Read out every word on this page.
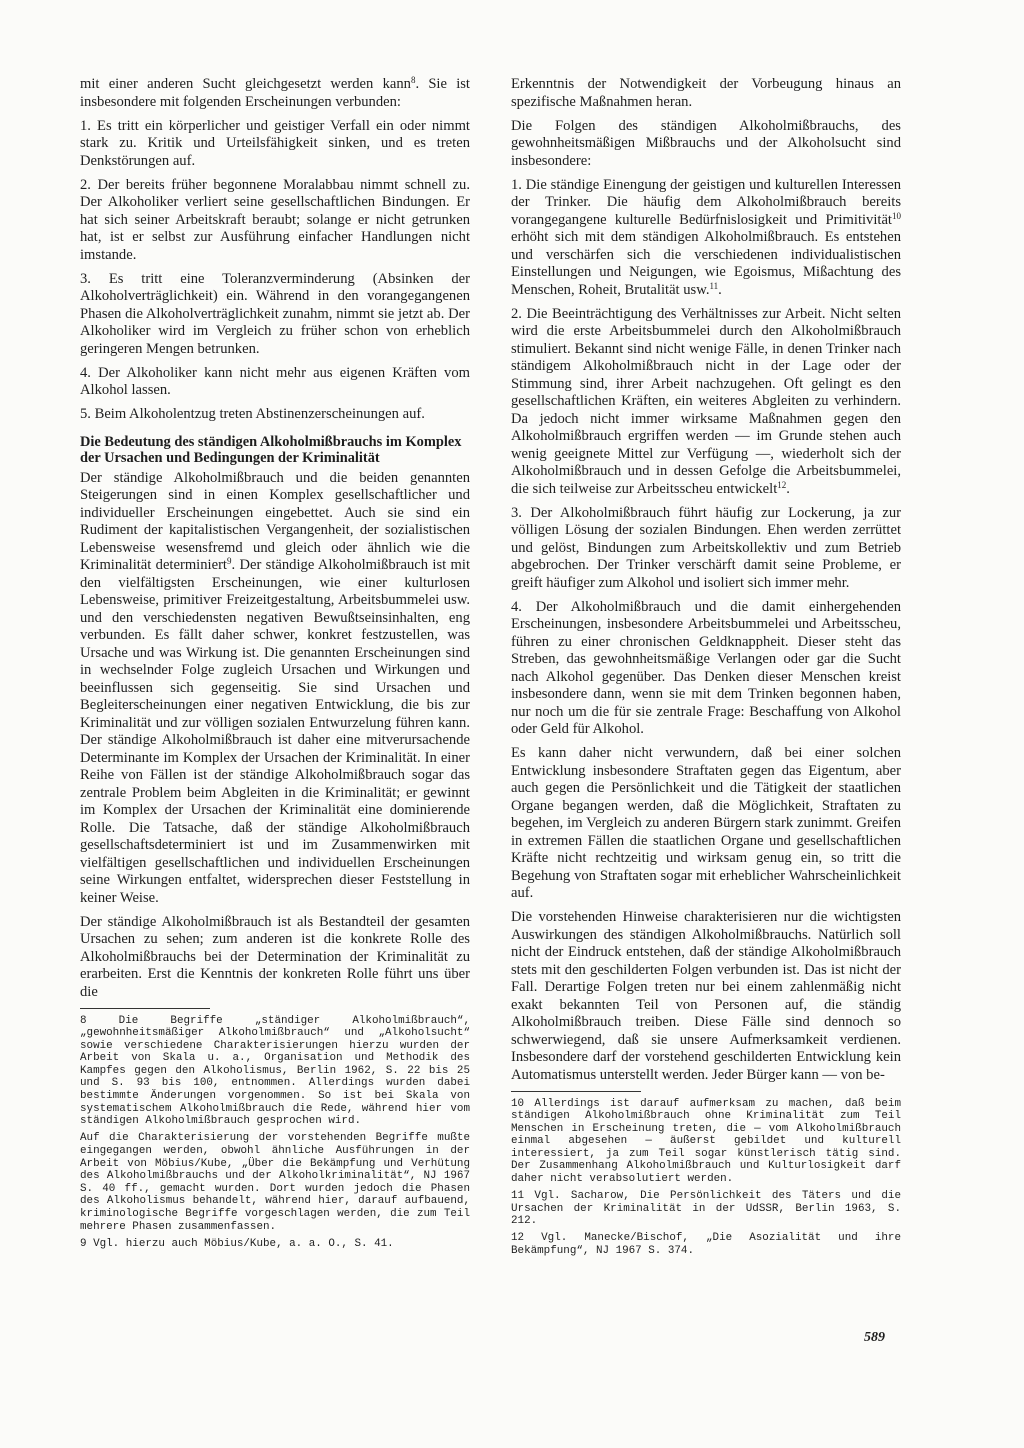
mit einer anderen Sucht gleichgesetzt werden kann$^8$. Sie ist insbesondere mit folgenden Erscheinungen verbunden:

1. Es tritt ein körperlicher und geistiger Verfall ein oder nimmt stark zu. Kritik und Urteilsfähigkeit sinken, und es treten Denkstörungen auf.

2. Der bereits früher begonnene Moralabbau nimmt schnell zu. Der Alkoholiker verliert seine gesellschaftlichen Bindungen. Er hat sich seiner Arbeitskraft beraubt; solange er nicht getrunken hat, ist er selbst zur Ausführung einfacher Handlungen nicht imstande.

3. Es tritt eine Toleranzverminderung (Absinken der Alkoholverträglichkeit) ein. Während in den vorangegangenen Phasen die Alkoholverträglichkeit zunahm, nimmt sie jetzt ab. Der Alkoholiker wird im Vergleich zu früher schon von erheblich geringeren Mengen betrunken.

4. Der Alkoholiker kann nicht mehr aus eigenen Kräften vom Alkohol lassen.

5. Beim Alkoholentzug treten Abstinenzerscheinungen auf.

Die Bedeutung des ständigen Alkoholmißbrauchs im Komplex der Ursachen und Bedingungen der Kriminalität

Der ständige Alkoholmißbrauch und die beiden genannten Steigerungen sind in einen Komplex gesellschaftlicher und individueller Erscheinungen eingebettet. Auch sie sind ein Rudiment der kapitalistischen Vergangenheit, der sozialistischen Lebensweise wesensfremd und gleich oder ähnlich wie die Kriminalität determiniert$^9$. Der ständige Alkoholmißbrauch ist mit den vielfältigsten Erscheinungen, wie einer kulturlosen Lebensweise, primitiver Freizeitgestaltung, Arbeitsbummelei usw. und den verschiedensten negativen Bewußtseinsinhalten, eng verbunden. Es fällt daher schwer, konkret festzustellen, was Ursache und was Wirkung ist. Die genannten Erscheinungen sind in wechselnder Folge zugleich Ursachen und Wirkungen und beeinflussen sich gegenseitig. Sie sind Ursachen und Begleiterscheinungen einer negativen Entwicklung, die bis zur Kriminalität und zur völligen sozialen Entwurzelung führen kann. Der ständige Alkoholmißbrauch ist daher eine mitverursachende Determinante im Komplex der Ursachen der Kriminalität. In einer Reihe von Fällen ist der ständige Alkoholmißbrauch sogar das zentrale Problem beim Abgleiten in die Kriminalität; er gewinnt im Komplex der Ursachen der Kriminalität eine dominierende Rolle. Die Tatsache, daß der ständige Alkoholmißbrauch gesellschaftsdeterminiert ist und im Zusammenwirken mit vielfältigen gesellschaftlichen und individuellen Erscheinungen seine Wirkungen entfaltet, widersprechen dieser Feststellung in keiner Weise.

Der ständige Alkoholmißbrauch ist als Bestandteil der gesamten Ursachen zu sehen; zum anderen ist die konkrete Rolle des Alkoholmißbrauchs bei der Determination der Kriminalität zu erarbeiten. Erst die Kenntnis der konkreten Rolle führt uns über die

8 Die Begriffe „ständiger Alkoholmißbrauch“, „gewohnheitsmäßiger Alkoholmißbrauch“ und „Alkoholsucht“ sowie verschiedene Charakterisierungen hierzu wurden der Arbeit von Skala u. a., Organisation und Methodik des Kampfes gegen den Alkoholismus, Berlin 1962, S. 22 bis 25 und S. 93 bis 100, entnommen. Allerdings wurden dabei bestimmte Änderungen vorgenommen. So ist bei Skala von systematischem Alkoholmißbrauch die Rede, während hier vom ständigen Alkoholmißbrauch gesprochen wird.

Auf die Charakterisierung der vorstehenden Begriffe mußte eingegangen werden, obwohl ähnliche Ausführungen in der Arbeit von Möbius/Kube, „Über die Bekämpfung und Verhütung des Alkoholmißbrauchs und der Alkoholkriminalität“, NJ 1967 S. 40 ff., gemacht wurden. Dort wurden jedoch die Phasen des Alkoholismus behandelt, während hier, darauf aufbauend, kriminologische Begriffe vorgeschlagen werden, die zum Teil mehrere Phasen zusammenfassen.

9 Vgl. hierzu auch Möbius/Kube, a. a. O., S. 41.

Erkenntnis der Notwendigkeit der Vorbeugung hinaus an spezifische Maßnahmen heran.

Die Folgen des ständigen Alkoholmißbrauchs, des gewohnheitsmäßigen Mißbrauchs und der Alkoholsucht sind insbesondere:

1. Die ständige Einengung der geistigen und kulturellen Interessen der Trinker. Die häufig dem Alkoholmißbrauch bereits vorangegangene kulturelle Bedürfnislosigkeit und Primitivität$^{10}$ erhöht sich mit dem ständigen Alkoholmißbrauch. Es entstehen und verschärfen sich die verschiedenen individualistischen Einstellungen und Neigungen, wie Egoismus, Mißachtung des Menschen, Roheit, Brutalität usw.$^{11}$.

2. Die Beeinträchtigung des Verhältnisses zur Arbeit. Nicht selten wird die erste Arbeitsbummelei durch den Alkoholmißbrauch stimuliert. Bekannt sind nicht wenige Fälle, in denen Trinker nach ständigem Alkoholmißbrauch nicht in der Lage oder der Stimmung sind, ihrer Arbeit nachzugehen. Oft gelingt es den gesellschaftlichen Kräften, ein weiteres Abgleiten zu verhindern. Da jedoch nicht immer wirksame Maßnahmen gegen den Alkoholmißbrauch ergriffen werden — im Grunde stehen auch wenig geeignete Mittel zur Verfügung —, wiederholt sich der Alkoholmißbrauch und in dessen Gefolge die Arbeitsbummelei, die sich teilweise zur Arbeitsscheu entwickelt$^{12}$.

3. Der Alkoholmißbrauch führt häufig zur Lockerung, ja zur völligen Lösung der sozialen Bindungen. Ehen werden zerrüttet und gelöst, Bindungen zum Arbeitskollektiv und zum Betrieb abgebrochen. Der Trinker verschärft damit seine Probleme, er greift häufiger zum Alkohol und isoliert sich immer mehr.

4. Der Alkoholmißbrauch und die damit einhergehenden Erscheinungen, insbesondere Arbeitsbummelei und Arbeitsscheu, führen zu einer chronischen Geldknappheit. Dieser steht das Streben, das gewohnheitsmäßige Verlangen oder gar die Sucht nach Alkohol gegenüber. Das Denken dieser Menschen kreist insbesondere dann, wenn sie mit dem Trinken begonnen haben, nur noch um die für sie zentrale Frage: Beschaffung von Alkohol oder Geld für Alkohol.

Es kann daher nicht verwundern, daß bei einer solchen Entwicklung insbesondere Straftaten gegen das Eigentum, aber auch gegen die Persönlichkeit und die Tätigkeit der staatlichen Organe begangen werden, daß die Möglichkeit, Straftaten zu begehen, im Vergleich zu anderen Bürgern stark zunimmt. Greifen in extremen Fällen die staatlichen Organe und gesellschaftlichen Kräfte nicht rechtzeitig und wirksam genug ein, so tritt die Begehung von Straftaten sogar mit erheblicher Wahrscheinlichkeit auf.

Die vorstehenden Hinweise charakterisieren nur die wichtigsten Auswirkungen des ständigen Alkoholmißbrauchs. Natürlich soll nicht der Eindruck entstehen, daß der ständige Alkoholmißbrauch stets mit den geschilderten Folgen verbunden ist. Das ist nicht der Fall. Derartige Folgen treten nur bei einem zahlenmäßig nicht exakt bekannten Teil von Personen auf, die ständig Alkoholmißbrauch treiben. Diese Fälle sind dennoch so schwerwiegend, daß sie unsere Aufmerksamkeit verdienen. Insbesondere darf der vorstehend geschilderten Entwicklung kein Automatismus unterstellt werden. Jeder Bürger kann — von be-

10 Allerdings ist darauf aufmerksam zu machen, daß beim ständigen Alkoholmißbrauch ohne Kriminalität zum Teil Menschen in Erscheinung treten, die — vom Alkoholmißbrauch einmal abgesehen — äußerst gebildet und kulturell interessiert, ja zum Teil sogar künstlerisch tätig sind. Der Zusammenhang Alkoholmißbrauch und Kulturlosigkeit darf daher nicht verabsolutiert werden.

11 Vgl. Sacharow, Die Persönlichkeit des Täters und die Ursachen der Kriminalität in der UdSSR, Berlin 1963, S. 212.

12 Vgl. Manecke/Bischof, „Die Asozialität und ihre Bekämpfung“, NJ 1967 S. 374.

589
